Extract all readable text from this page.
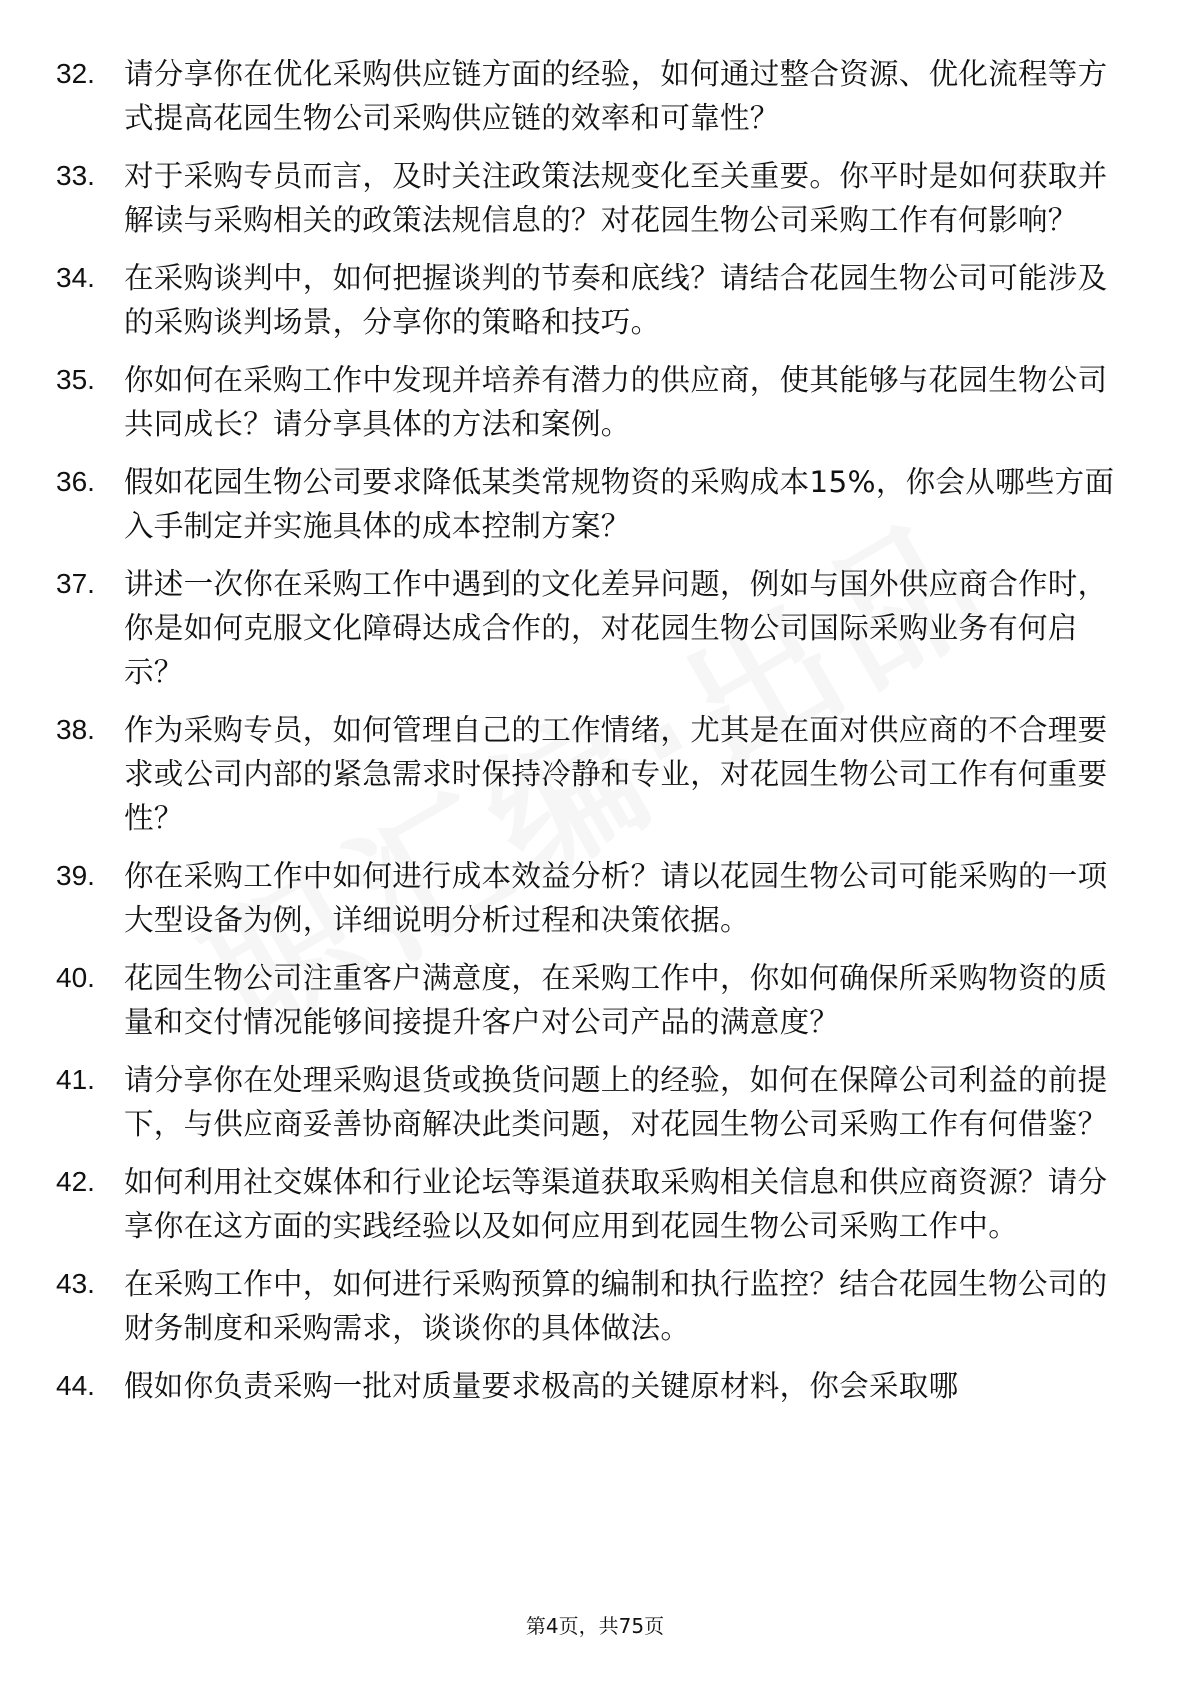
32. 请分享你在优化采购供应链方面的经验，如何通过整合资源、优化流程等方式提高花园生物公司采购供应链的效率和可靠性？
33. 对于采购专员而言，及时关注政策法规变化至关重要。你平时是如何获取并解读与采购相关的政策法规信息的？对花园生物公司采购工作有何影响？
34. 在采购谈判中，如何把握谈判的节奏和底线？请结合花园生物公司可能涉及的采购谈判场景，分享你的策略和技巧。
35. 你如何在采购工作中发现并培养有潜力的供应商，使其能够与花园生物公司共同成长？请分享具体的方法和案例。
36. 假如花园生物公司要求降低某类常规物资的采购成本15%，你会从哪些方面入手制定并实施具体的成本控制方案？
37. 讲述一次你在采购工作中遇到的文化差异问题，例如与国外供应商合作时，你是如何克服文化障碍达成合作的，对花园生物公司国际采购业务有何启示？
38. 作为采购专员，如何管理自己的工作情绪，尤其是在面对供应商的不合理要求或公司内部的紧急需求时保持冷静和专业，对花园生物公司工作有何重要性？
39. 你在采购工作中如何进行成本效益分析？请以花园生物公司可能采购的一项大型设备为例，详细说明分析过程和决策依据。
40. 花园生物公司注重客户满意度，在采购工作中，你如何确保所采购物资的质量和交付情况能够间接提升客户对公司产品的满意度？
41. 请分享你在处理采购退货或换货问题上的经验，如何在保障公司利益的前提下，与供应商妥善协商解决此类问题，对花园生物公司采购工作有何借鉴？
42. 如何利用社交媒体和行业论坛等渠道获取采购相关信息和供应商资源？请分享你在这方面的实践经验以及如何应用到花园生物公司采购工作中。
43. 在采购工作中，如何进行采购预算的编制和执行监控？结合花园生物公司的财务制度和采购需求，谈谈你的具体做法。
44. 假如你负责采购一批对质量要求极高的关键原材料，你会采取哪
第4页，共75页
